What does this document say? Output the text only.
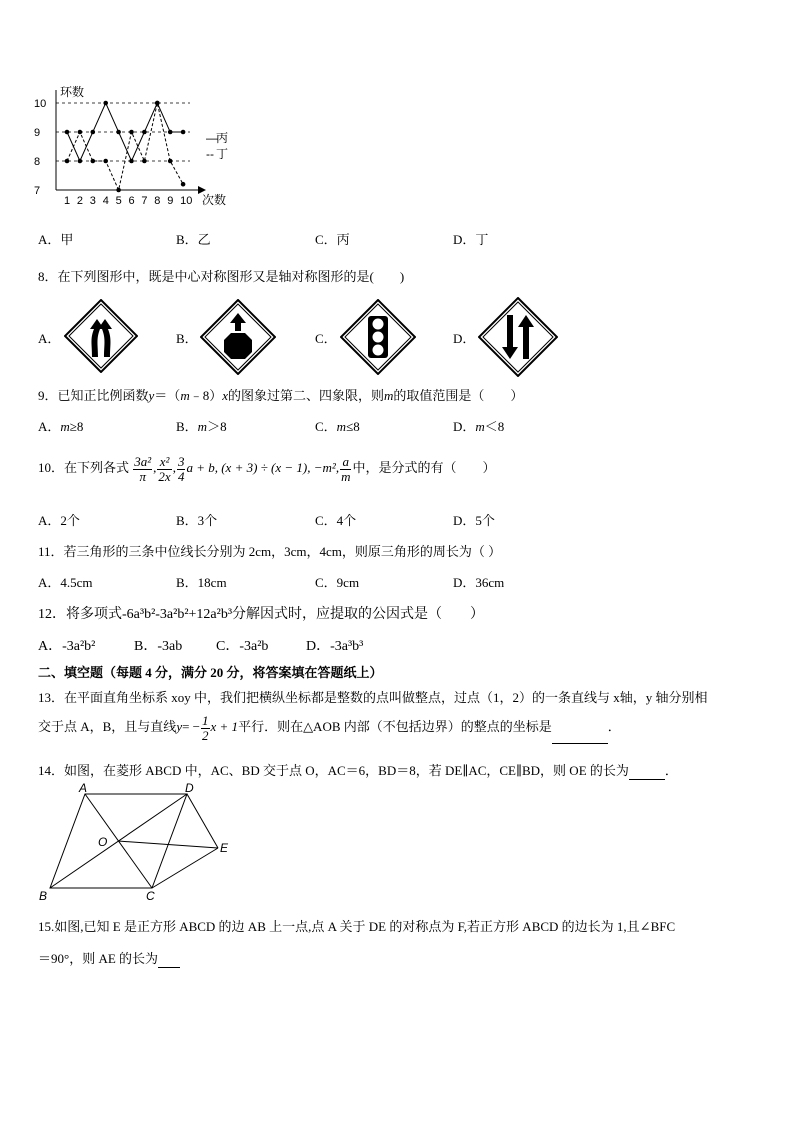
环数
次数
10
9
8
7
1 2 3 4 5 6 7 8 9 10
—
丙
-- 丁
A．甲	B．乙	C．丙	D．丁
8．在下列图形中，既是中心对称图形又是轴对称图形的是(　　)
A．	B．	C．	D．
9．已知正比例函数y＝（m﹣8）x的图象过第二、四象限，则m的取值范围是（　　）
A．m≥8	B．m＞8	C．m≤8	D．m＜8
10．在下列各式 $\frac{\text{3a²}}{\pi}$ , $\frac{\text{x²}}{2x}$ , $\frac{3}{4}$ a + b, (x + 3) ÷ (x − 1), −m², $\frac{a}{m}$ 中，是分式的有（　　）
A．2个	B．3个	C．4个	D．5个
11．若三角形的三条中位线长分别为 2cm，3cm，4cm，则原三角形的周长为（ ）
A．4.5cm	B．18cm	C．9cm	D．36cm
12．将多项式-6a³b²-3a²b²+12a²b³分解因式时，应提取的公因式是（　　）
A．-3a²b²	B．-3ab C．-3a²b	D．-3a³b³
二、填空题（每题 4 分，满分 20 分，将答案填在答题纸上）
13．在平面直角坐标系 xoy 中，我们把横纵坐标都是整数的点叫做整点，过点（1，2）的一条直线与 x轴，y 轴分别相
交于点 A，B，且与直线$y= - \frac{1}{2}$ x + 1平行．则在△AOB 内部（不包括边界）的整点的坐标是	．
14．如图，在菱形 ABCD 中，AC、BD 交于点 O，AC＝6，BD＝8，若 DE∥AC，CE∥BD，则 OE 的长为	．
A	D
O	E
B	C
15.如图,已知 E 是正方形 ABCD 的边 AB 上一点,点 A 关于 DE 的对称点为 F,若正方形 ABCD 的边长为 1,且∠BFC
＝90°，则 AE 的长为
